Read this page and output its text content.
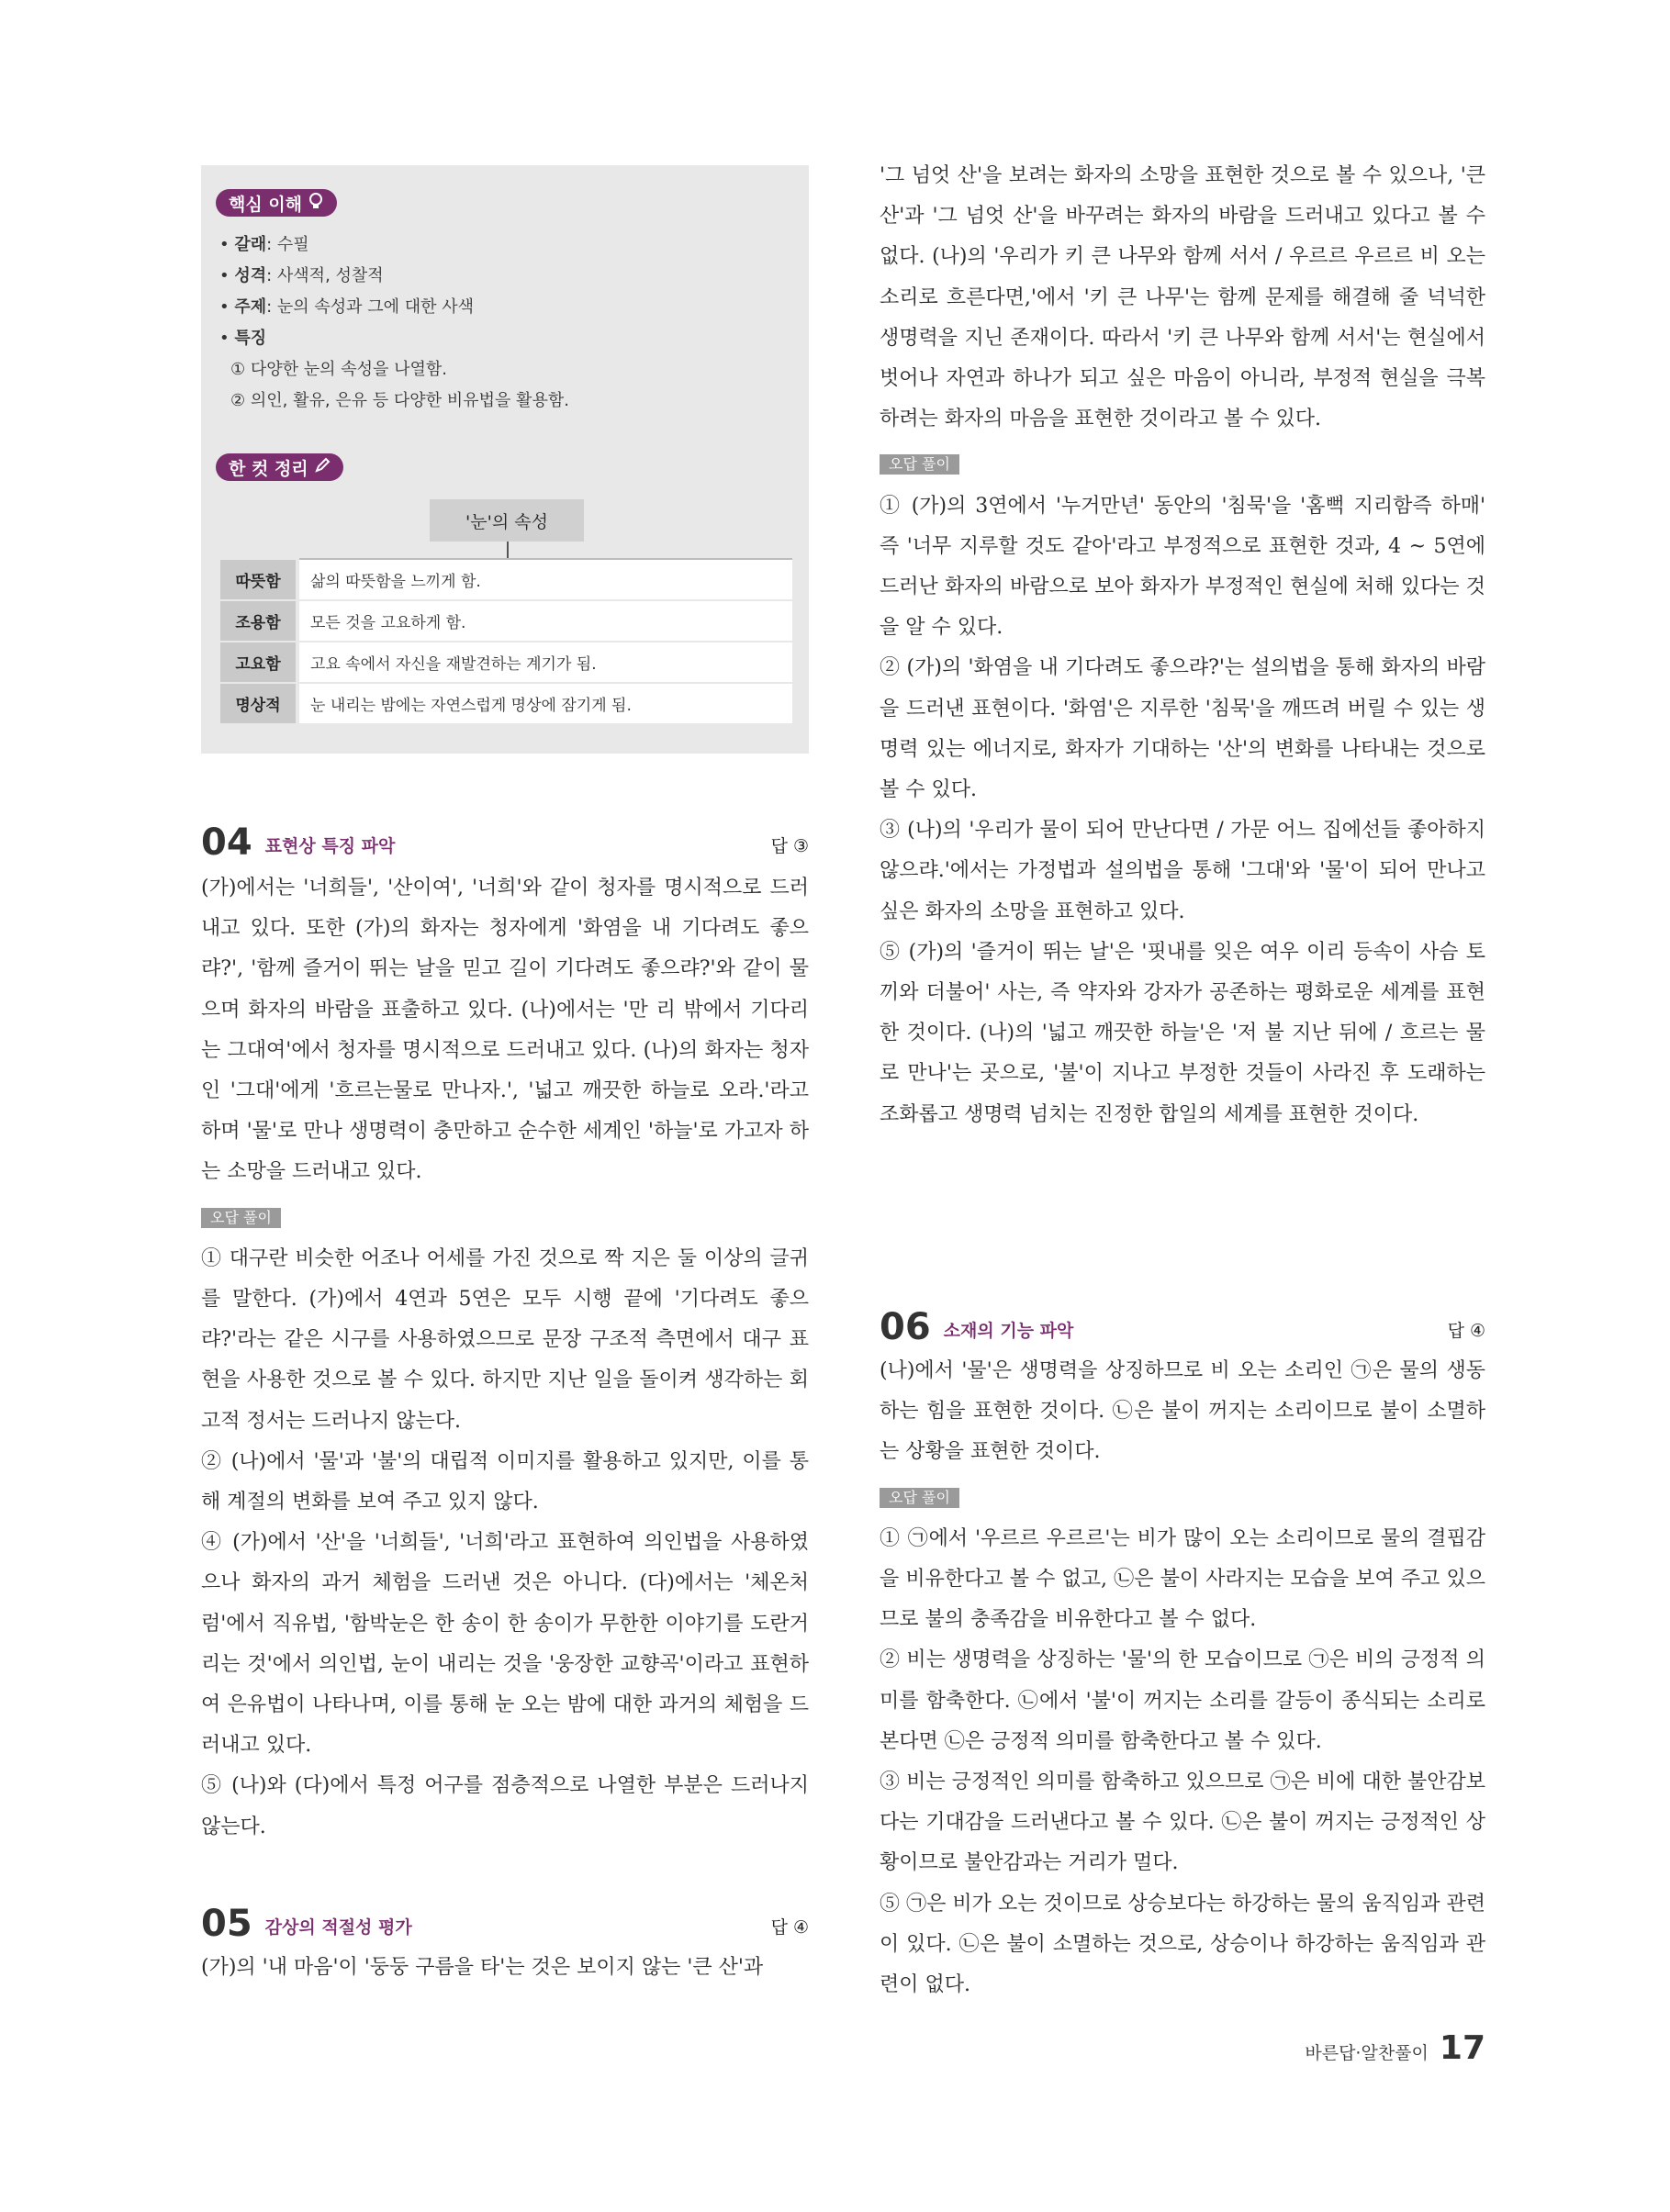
핵심 이해
• 갈래: 수필
• 성격: 사색적, 성찰적
• 주제: 눈의 속성과 그에 대한 사색
• 특징
① 다양한 눈의 속성을 나열함.
② 의인, 활유, 은유 등 다양한 비유법을 활용함.
한 컷 정리
'눈'의 속성
따뜻함	삶의 따뜻함을 느끼게 함.
조용함	모든 것을 고요하게 함.
고요함	고요 속에서 자신을 재발견하는 계기가 됨.
명상적	눈 내리는 밤에는 자연스럽게 명상에 잠기게 됨.
04 표현상 특징 파악	답 ③

(가)에서는 '너희들', '산이여', '너희'와 같이 청자를 명시적으로 드러내고 있다. 또한 (가)의 화자는 청자에게 '화염을 내 기다려도 좋으랴?', '함께 즐거이 뛰는 날을 믿고 길이 기다려도 좋으랴?'와 같이 물으며 화자의 바람을 표출하고 있다. (나)에서는 '만 리 밖에서 기다리는 그대여'에서 청자를 명시적으로 드러내고 있다. (나)의 화자는 청자인 '그대'에게 '흐르는물로 만나자.', '넓고 깨끗한 하늘로 오라.'라고 하며 '물'로 만나 생명력이 충만하고 순수한 세계인 '하늘'로 가고자 하는 소망을 드러내고 있다.

오답 풀이

① 대구란 비슷한 어조나 어세를 가진 것으로 짝 지은 둘 이상의 글귀를 말한다. (가)에서 4연과 5연은 모두 시행 끝에 '기다려도 좋으랴?'라는 같은 시구를 사용하였으므로 문장 구조적 측면에서 대구 표현을 사용한 것으로 볼 수 있다. 하지만 지난 일을 돌이켜 생각하는 회고적 정서는 드러나지 않는다.

② (나)에서 '물'과 '불'의 대립적 이미지를 활용하고 있지만, 이를 통해 계절의 변화를 보여 주고 있지 않다.

④ (가)에서 '산'을 '너희들', '너희'라고 표현하여 의인법을 사용하였으나 화자의 과거 체험을 드러낸 것은 아니다. (다)에서는 '체온처럼'에서 직유법, '함박눈은 한 송이 한 송이가 무한한 이야기를 도란거리는 것'에서 의인법, 눈이 내리는 것을 '웅장한 교향곡'이라고 표현하여 은유법이 나타나며, 이를 통해 눈 오는 밤에 대한 과거의 체험을 드러내고 있다.

⑤ (나)와 (다)에서 특정 어구를 점층적으로 나열한 부분은 드러나지 않는다.

05 감상의 적절성 평가	답 ④

(가)의 '내 마음'이 '둥둥 구름을 타'는 것은 보이지 않는 '큰 산'과

'그 넘엇 산'을 보려는 화자의 소망을 표현한 것으로 볼 수 있으나, '큰 산'과 '그 넘엇 산'을 바꾸려는 화자의 바람을 드러내고 있다고 볼 수 없다. (나)의 '우리가 키 큰 나무와 함께 서서 / 우르르 우르르 비 오는 소리로 흐른다면,'에서 '키 큰 나무'는 함께 문제를 해결해 줄 넉넉한 생명력을 지닌 존재이다. 따라서 '키 큰 나무와 함께 서서'는 현실에서 벗어나 자연과 하나가 되고 싶은 마음이 아니라, 부정적 현실을 극복하려는 화자의 마음을 표현한 것이라고 볼 수 있다.

오답 풀이

① (가)의 3연에서 '누거만년' 동안의 '침묵'을 '홈뻑 지리함즉 하매' 즉 '너무 지루할 것도 같아'라고 부정적으로 표현한 것과, 4 ~ 5연에 드러난 화자의 바람으로 보아 화자가 부정적인 현실에 처해 있다는 것을 알 수 있다.

② (가)의 '화염을 내 기다려도 좋으랴?'는 설의법을 통해 화자의 바람을 드러낸 표현이다. '화염'은 지루한 '침묵'을 깨뜨려 버릴 수 있는 생명력 있는 에너지로, 화자가 기대하는 '산'의 변화를 나타내는 것으로 볼 수 있다.

③ (나)의 '우리가 물이 되어 만난다면 / 가문 어느 집에선들 좋아하지 않으랴.'에서는 가정법과 설의법을 통해 '그대'와 '물'이 되어 만나고 싶은 화자의 소망을 표현하고 있다.

⑤ (가)의 '즐거이 뛰는 날'은 '핏내를 잊은 여우 이리 등속이 사슴 토끼와 더불어' 사는, 즉 약자와 강자가 공존하는 평화로운 세계를 표현한 것이다. (나)의 '넓고 깨끗한 하늘'은 '저 불 지난 뒤에 / 흐르는 물로 만나'는 곳으로, '불'이 지나고 부정한 것들이 사라진 후 도래하는 조화롭고 생명력 넘치는 진정한 합일의 세계를 표현한 것이다.

06 소재의 기능 파악	답 ④

(나)에서 '물'은 생명력을 상징하므로 비 오는 소리인 ㉠은 물의 생동하는 힘을 표현한 것이다. ㉡은 불이 꺼지는 소리이므로 불이 소멸하는 상황을 표현한 것이다.

오답 풀이

① ㉠에서 '우르르 우르르'는 비가 많이 오는 소리이므로 물의 결핍감을 비유한다고 볼 수 없고, ㉡은 불이 사라지는 모습을 보여 주고 있으므로 불의 충족감을 비유한다고 볼 수 없다.

② 비는 생명력을 상징하는 '물'의 한 모습이므로 ㉠은 비의 긍정적 의미를 함축한다. ㉡에서 '불'이 꺼지는 소리를 갈등이 종식되는 소리로 본다면 ㉡은 긍정적 의미를 함축한다고 볼 수 있다.

③ 비는 긍정적인 의미를 함축하고 있으므로 ㉠은 비에 대한 불안감보다는 기대감을 드러낸다고 볼 수 있다. ㉡은 불이 꺼지는 긍정적인 상황이므로 불안감과는 거리가 멀다.

⑤ ㉠은 비가 오는 것이므로 상승보다는 하강하는 물의 움직임과 관련이 있다. ㉡은 불이 소멸하는 것으로, 상승이나 하강하는 움직임과 관련이 없다.

바른답·알찬풀이 17
